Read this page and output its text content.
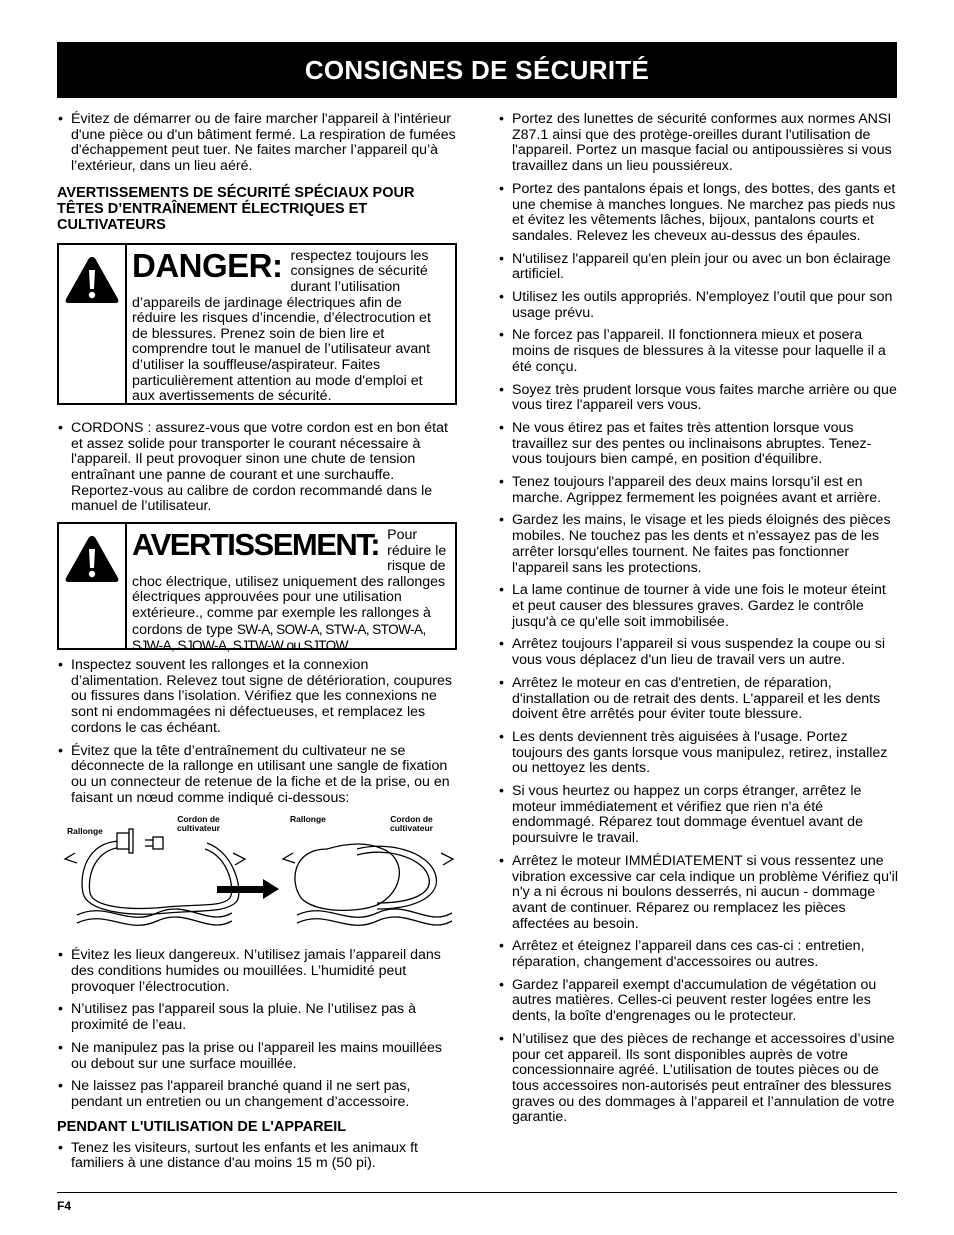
CONSIGNES DE SÉCURITÉ
• Évitez de démarrer ou de faire marcher l'appareil à l'intérieur d'une pièce ou d'un bâtiment fermé. La respiration de fumées d'échappement peut tuer. Ne faites marcher l’appareil qu’à l’extérieur, dans un lieu aéré.
AVERTISSEMENTS DE SÉCURITÉ SPÉCIAUX POUR TÊTES D’ENTRAÎNEMENT ÉLECTRIQUES ET CULTIVATEURS
DANGER: respectez toujours les consignes de sécurité durant l’utilisation d’appareils de jardinage électriques afin de réduire les risques d’incendie, d’électrocution et de blessures. Prenez soin de bien lire et comprendre tout le manuel de l’utilisateur avant d’utiliser la souffleuse/aspirateur. Faites particulièrement attention au mode d'emploi et aux avertissements de sécurité.
• CORDONS : assurez-vous que votre cordon est en bon état et assez solide pour transporter le courant nécessaire à l'appareil. Il peut provoquer sinon une chute de tension entraînant une panne de courant et une surchauffe. Reportez-vous au calibre de cordon recommandé dans le manuel de l’utilisateur.
AVERTISSEMENT: Pour réduire le risque de choc électrique, utilisez uniquement des rallonges électriques approuvées pour une utilisation extérieure., comme par exemple les rallonges à cordons de type SW-A, SOW-A, STW-A, STOW-A, SJW-A, SJOW-A, SJTW-W ou SJTOW.
• Inspectez souvent les rallonges et la connexion d’alimentation. Relevez tout signe de détérioration, coupures ou fissures dans l’isolation. Vérifiez que les connexions ne sont ni endommagées ni défectueuses, et remplacez les cordons le cas échéant.
• Évitez que la tête d’entraînement du cultivateur ne se déconnecte de la rallonge en utilisant une sangle de fixation ou un connecteur de retenue de la fiche et de la prise, ou en faisant un nœud comme indiqué ci-dessous:
Rallonge
Cordon de
cultivateur
Rallonge	Cordon de
cultivateur
• Évitez les lieux dangereux. N’utilisez jamais l’appareil dans des conditions humides ou mouillées. L’humidité peut provoquer l’électrocution.
• N’utilisez pas l'appareil sous la pluie. Ne l’utilisez pas à proximité de l’eau.
• Ne manipulez pas la prise ou l'appareil les mains mouillées ou debout sur une surface mouillée.
• Ne laissez pas l'appareil branché quand il ne sert pas, pendant un entretien ou un changement d’accessoire.
PENDANT L'UTILISATION DE L'APPAREIL
• Tenez les visiteurs, surtout les enfants et les animaux ft familiers à une distance d'au moins 15 m (50 pi).
• Portez des lunettes de sécurité conformes aux normes ANSI Z87.1 ainsi que des protège-oreilles durant l'utilisation de l'appareil. Portez un masque facial ou antipoussières si vous travaillez dans un lieu poussiéreux.
• Portez des pantalons épais et longs, des bottes, des gants et une chemise à manches longues. Ne marchez pas pieds nus et évitez les vêtements lâches, bijoux, pantalons courts et sandales. Relevez les cheveux au-dessus des épaules.
• N'utilisez l'appareil qu'en plein jour ou avec un bon éclairage artificiel.
• Utilisez les outils appropriés. N'employez l’outil que pour son usage prévu.
• Ne forcez pas l’appareil. Il fonctionnera mieux et posera moins de risques de blessures à la vitesse pour laquelle il a été conçu.
• Soyez très prudent lorsque vous faites marche arrière ou que vous tirez l'appareil vers vous.
• Ne vous étirez pas et faites très attention lorsque vous travaillez sur des pentes ou inclinaisons abruptes. Tenez-vous toujours bien campé, en position d'équilibre.
• Tenez toujours l'appareil des deux mains lorsqu’il est en marche. Agrippez fermement les poignées avant et arrière.
• Gardez les mains, le visage et les pieds éloignés des pièces mobiles. Ne touchez pas les dents et n'essayez pas de les arrêter lorsqu'elles tournent. Ne faites pas fonctionner l'appareil sans les protections.
• La lame continue de tourner à vide une fois le moteur éteint et peut causer des blessures graves. Gardez le contrôle jusqu'à ce qu'elle soit immobilisée.
• Arrêtez toujours l’appareil si vous suspendez la coupe ou si vous vous déplacez d'un lieu de travail vers un autre.
• Arrêtez le moteur en cas d'entretien, de réparation, d'installation ou de retrait des dents. L'appareil et les dents doivent être arrêtés pour éviter toute blessure.
• Les dents deviennent très aiguisées à l'usage. Portez toujours des gants lorsque vous manipulez, retirez, installez ou nettoyez les dents.
• Si vous heurtez ou happez un corps étranger, arrêtez le moteur immédiatement et vérifiez que rien n'a été endommagé. Réparez tout dommage éventuel avant de poursuivre le travail.
• Arrêtez le moteur IMMÉDIATEMENT si vous ressentez une vibration excessive car cela indique un problème Vérifiez qu'il n'y a ni écrous ni boulons desserrés, ni aucun - dommage avant de continuer. Réparez ou remplacez les pièces affectées au besoin.
• Arrêtez et éteignez l’appareil dans ces cas-ci : entretien, réparation, changement d'accessoires ou autres.
• Gardez l'appareil exempt d'accumulation de végétation ou autres matières. Celles-ci peuvent rester logées entre les dents, la boîte d'engrenages ou le protecteur.
• N’utilisez que des pièces de rechange et accessoires d’usine pour cet appareil. Ils sont disponibles auprès de votre concessionnaire agréé. L’utilisation de toutes pièces ou de tous accessoires non-autorisés peut entraîner des blessures graves ou des dommages à l’appareil et l’annulation de votre garantie.
F4
